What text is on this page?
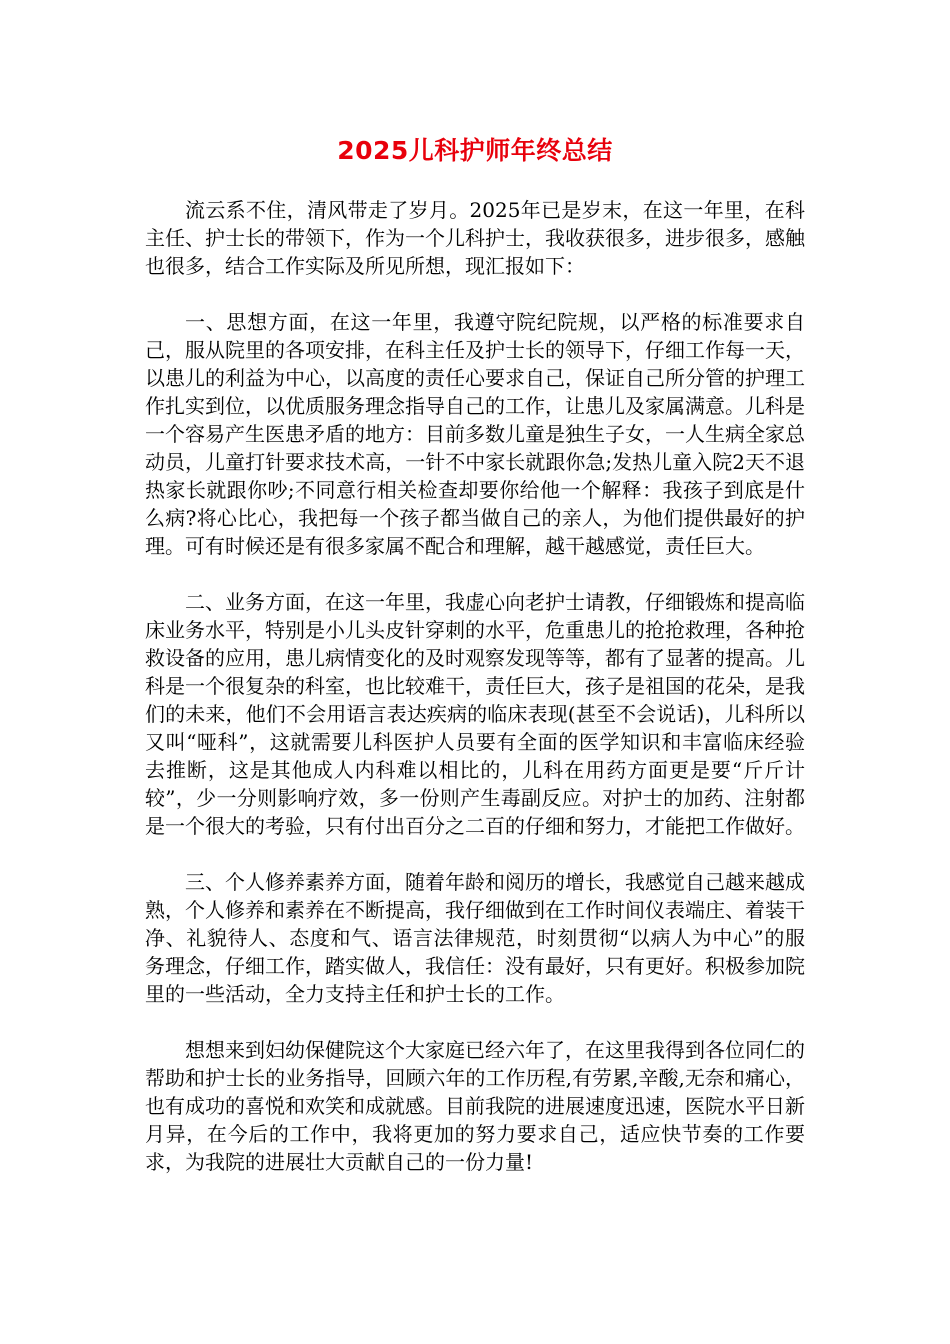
2025儿科护师年终总结

流云系不住，清风带走了岁月。2025年已是岁末，在这一年里，在科主任、护士长的带领下，作为一个儿科护士，我收获很多，进步很多，感触也很多，结合工作实际及所见所想，现汇报如下：

一、思想方面，在这一年里，我遵守院纪院规，以严格的标准要求自己，服从院里的各项安排，在科主任及护士长的领导下，仔细工作每一天，以患儿的利益为中心，以高度的责任心要求自己，保证自己所分管的护理工作扎实到位，以优质服务理念指导自己的工作，让患儿及家属满意。儿科是一个容易产生医患矛盾的地方：目前多数儿童是独生子女，一人生病全家总动员，儿童打针要求技术高，一针不中家长就跟你急;发热儿童入院2天不退热家长就跟你吵;不同意行相关检查却要你给他一个解释：我孩子到底是什么病?将心比心，我把每一个孩子都当做自己的亲人，为他们提供最好的护理。可有时候还是有很多家属不配合和理解，越干越感觉，责任巨大。

二、业务方面，在这一年里，我虚心向老护士请教，仔细锻炼和提高临床业务水平，特别是小儿头皮针穿刺的水平，危重患儿的抢抢救理，各种抢救设备的应用，患儿病情变化的及时观察发现等等，都有了显著的提高。儿科是一个很复杂的科室，也比较难干，责任巨大，孩子是祖国的花朵，是我们的未来，他们不会用语言表达疾病的临床表现(甚至不会说话)，儿科所以又叫“哑科”，这就需要儿科医护人员要有全面的医学知识和丰富临床经验去推断，这是其他成人内科难以相比的，儿科在用药方面更是要“斤斤计较”，少一分则影响疗效，多一份则产生毒副反应。对护士的加药、注射都是一个很大的考验，只有付出百分之二百的仔细和努力，才能把工作做好。

三、个人修养素养方面，随着年龄和阅历的增长，我感觉自己越来越成熟，个人修养和素养在不断提高，我仔细做到在工作时间仪表端庄、着装干净、礼貌待人、态度和气、语言法律规范，时刻贯彻“以病人为中心”的服务理念，仔细工作，踏实做人，我信任：没有最好，只有更好。积极参加院里的一些活动，全力支持主任和护士长的工作。

想想来到妇幼保健院这个大家庭已经六年了，在这里我得到各位同仁的帮助和护士长的业务指导，回顾六年的工作历程,有劳累,辛酸,无奈和痛心，也有成功的喜悦和欢笑和成就感。目前我院的进展速度迅速，医院水平日新月异，在今后的工作中，我将更加的努力要求自己，适应快节奏的工作要求，为我院的进展壮大贡献自己的一份力量!
